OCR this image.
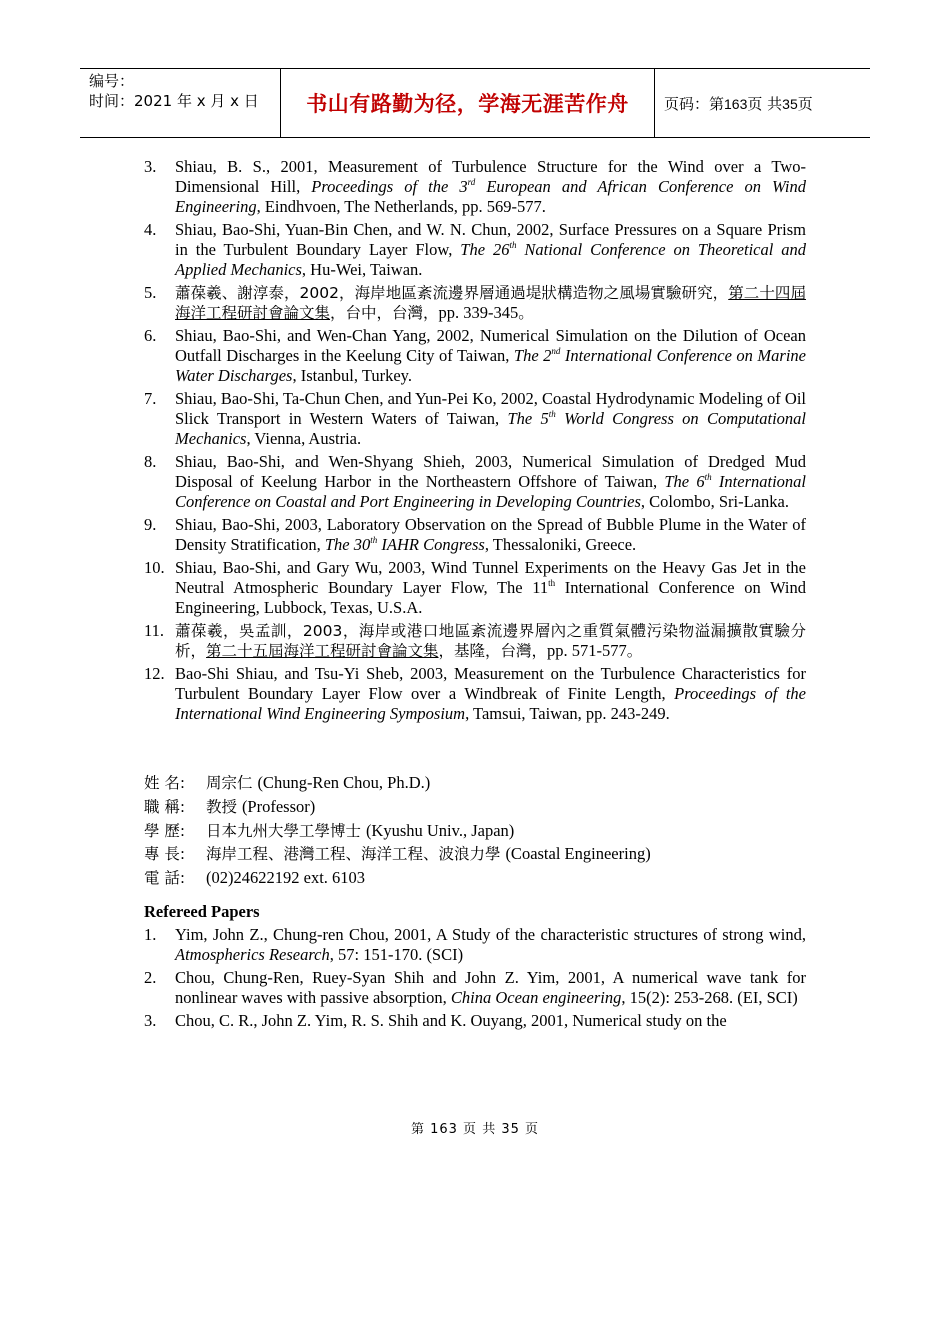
编号：
时间：2021 年 x 月 x 日	书山有路勤为径，学海无涯苦作舟	页码：第163页 共35页
3. Shiau, B. S., 2001, Measurement of Turbulence Structure for the Wind over a Two-Dimensional Hill, Proceedings of the 3rd European and African Conference on Wind Engineering, Eindhvoen, The Netherlands, pp. 569-577.
4. Shiau, Bao-Shi, Yuan-Bin Chen, and W. N. Chun, 2002, Surface Pressures on a Square Prism in the Turbulent Boundary Layer Flow, The 26th National Conference on Theoretical and Applied Mechanics, Hu-Wei, Taiwan.
5. 蕭葆羲、謝淳泰，2002，海岸地區紊流邊界層通過堤狀構造物之風場實驗研究，第二十四屆海洋工程研討會論文集，台中，台灣，pp. 339-345。
6. Shiau, Bao-Shi, and Wen-Chan Yang, 2002, Numerical Simulation on the Dilution of Ocean Outfall Discharges in the Keelung City of Taiwan, The 2nd International Conference on Marine Water Discharges, Istanbul, Turkey.
7. Shiau, Bao-Shi, Ta-Chun Chen, and Yun-Pei Ko, 2002, Coastal Hydrodynamic Modeling of Oil Slick Transport in Western Waters of Taiwan, The 5th World Congress on Computational Mechanics, Vienna, Austria.
8. Shiau, Bao-Shi, and Wen-Shyang Shieh, 2003, Numerical Simulation of Dredged Mud Disposal of Keelung Harbor in the Northeastern Offshore of Taiwan, The 6th International Conference on Coastal and Port Engineering in Developing Countries, Colombo, Sri-Lanka.
9. Shiau, Bao-Shi, 2003, Laboratory Observation on the Spread of Bubble Plume in the Water of Density Stratification, The 30th IAHR Congress, Thessaloniki, Greece.
10. Shiau, Bao-Shi, and Gary Wu, 2003, Wind Tunnel Experiments on the Heavy Gas Jet in the Neutral Atmospheric Boundary Layer Flow, The 11th International Conference on Wind Engineering, Lubbock, Texas, U.S.A.
11. 蕭葆羲，吳孟訓，2003，海岸或港口地區紊流邊界層內之重質氣體污染物溢漏擴散實驗分析，第二十五屆海洋工程研討會論文集，基隆，台灣，pp. 571-577。
12. Bao-Shi Shiau, and Tsu-Yi Sheb, 2003, Measurement on the Turbulence Characteristics for Turbulent Boundary Layer Flow over a Windbreak of Finite Length, Proceedings of the International Wind Engineering Symposium, Tamsui, Taiwan, pp. 243-249.
姓 名: 周宗仁 (Chung-Ren Chou, Ph.D.)
職 稱: 教授 (Professor)
學 歷: 日本九州大學工學博士 (Kyushu Univ., Japan)
專 長: 海岸工程、港灣工程、海洋工程、波浪力學 (Coastal Engineering)
電 話: (02)24622192 ext. 6103
Refereed Papers
1. Yim, John Z., Chung-ren Chou, 2001, A Study of the characteristic structures of strong wind, Atmospherics Research, 57: 151-170. (SCI)
2. Chou, Chung-Ren, Ruey-Syan Shih and John Z. Yim, 2001, A numerical wave tank for nonlinear waves with passive absorption, China Ocean engineering, 15(2): 253-268. (EI, SCI)
3. Chou, C. R., John Z. Yim, R. S. Shih and K. Ouyang, 2001, Numerical study on the
第 163 页 共 35 页
